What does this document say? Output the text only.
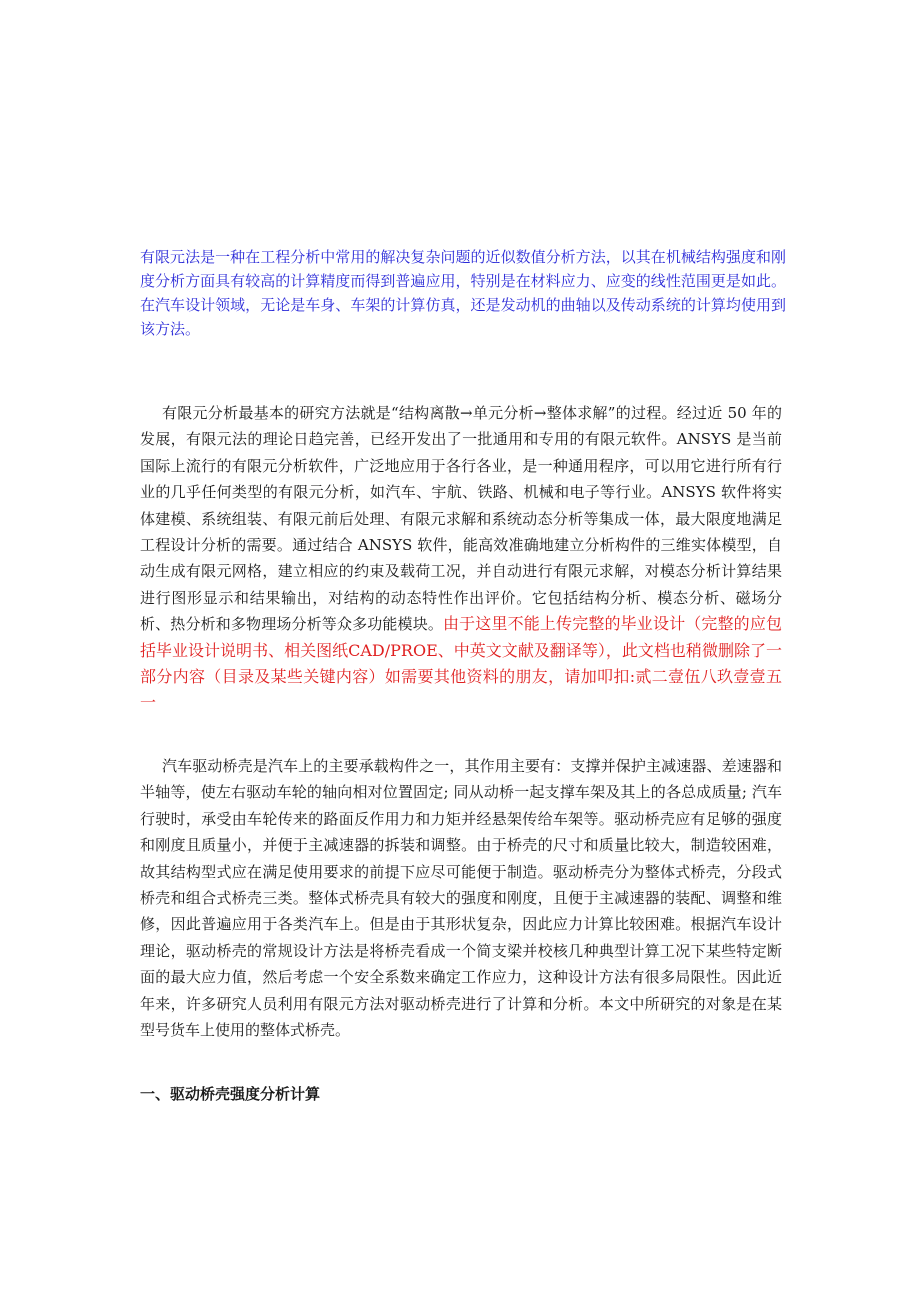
有限元法是一种在工程分析中常用的解决复杂问题的近似数值分析方法，以其在机械结构强度和刚度分析方面具有较高的计算精度而得到普遍应用，特别是在材料应力、应变的线性范围更是如此。在汽车设计领域，无论是车身、车架的计算仿真，还是发动机的曲轴以及传动系统的计算均使用到该方法。

有限元分析最基本的研究方法就是“结构离散→单元分析→整体求解”的过程。经过近 50 年的发展，有限元法的理论日趋完善，已经开发出了一批通用和专用的有限元软件。ANSYS 是当前国际上流行的有限元分析软件，广泛地应用于各行各业，是一种通用程序，可以用它进行所有行业的几乎任何类型的有限元分析，如汽车、宇航、铁路、机械和电子等行业。ANSYS 软件将实体建模、系统组装、有限元前后处理、有限元求解和系统动态分析等集成一体，最大限度地满足工程设计分析的需要。通过结合 ANSYS 软件，能高效准确地建立分析构件的三维实体模型，自动生成有限元网格，建立相应的约束及载荷工况，并自动进行有限元求解，对模态分析计算结果进行图形显示和结果输出，对结构的动态特性作出评价。它包括结构分析、模态分析、磁场分析、热分析和多物理场分析等众多功能模块。由于这里不能上传完整的毕业设计（完整的应包括毕业设计说明书、相关图纸CAD/PROE、中英文文献及翻译等），此文档也稍微删除了一部分内容（目录及某些关键内容）如需要其他资料的朋友，请加叩扣:贰二壹伍八玖壹壹五一

汽车驱动桥壳是汽车上的主要承载构件之一，其作用主要有：支撑并保护主减速器、差速器和半轴等，使左右驱动车轮的轴向相对位置固定; 同从动桥一起支撑车架及其上的各总成质量; 汽车行驶时，承受由车轮传来的路面反作用力和力矩并经悬架传给车架等。驱动桥壳应有足够的强度和刚度且质量小，并便于主减速器的拆装和调整。由于桥壳的尺寸和质量比较大，制造较困难，故其结构型式应在满足使用要求的前提下应尽可能便于制造。驱动桥壳分为整体式桥壳，分段式桥壳和组合式桥壳三类。整体式桥壳具有较大的强度和刚度，且便于主减速器的装配、调整和维修，因此普遍应用于各类汽车上。但是由于其形状复杂，因此应力计算比较困难。根据汽车设计理论，驱动桥壳的常规设计方法是将桥壳看成一个简支梁并校核几种典型计算工况下某些特定断面的最大应力值，然后考虑一个安全系数来确定工作应力，这种设计方法有很多局限性。因此近年来，许多研究人员利用有限元方法对驱动桥壳进行了计算和分析。本文中所研究的对象是在某型号货车上使用的整体式桥壳。

一、驱动桥壳强度分析计算
